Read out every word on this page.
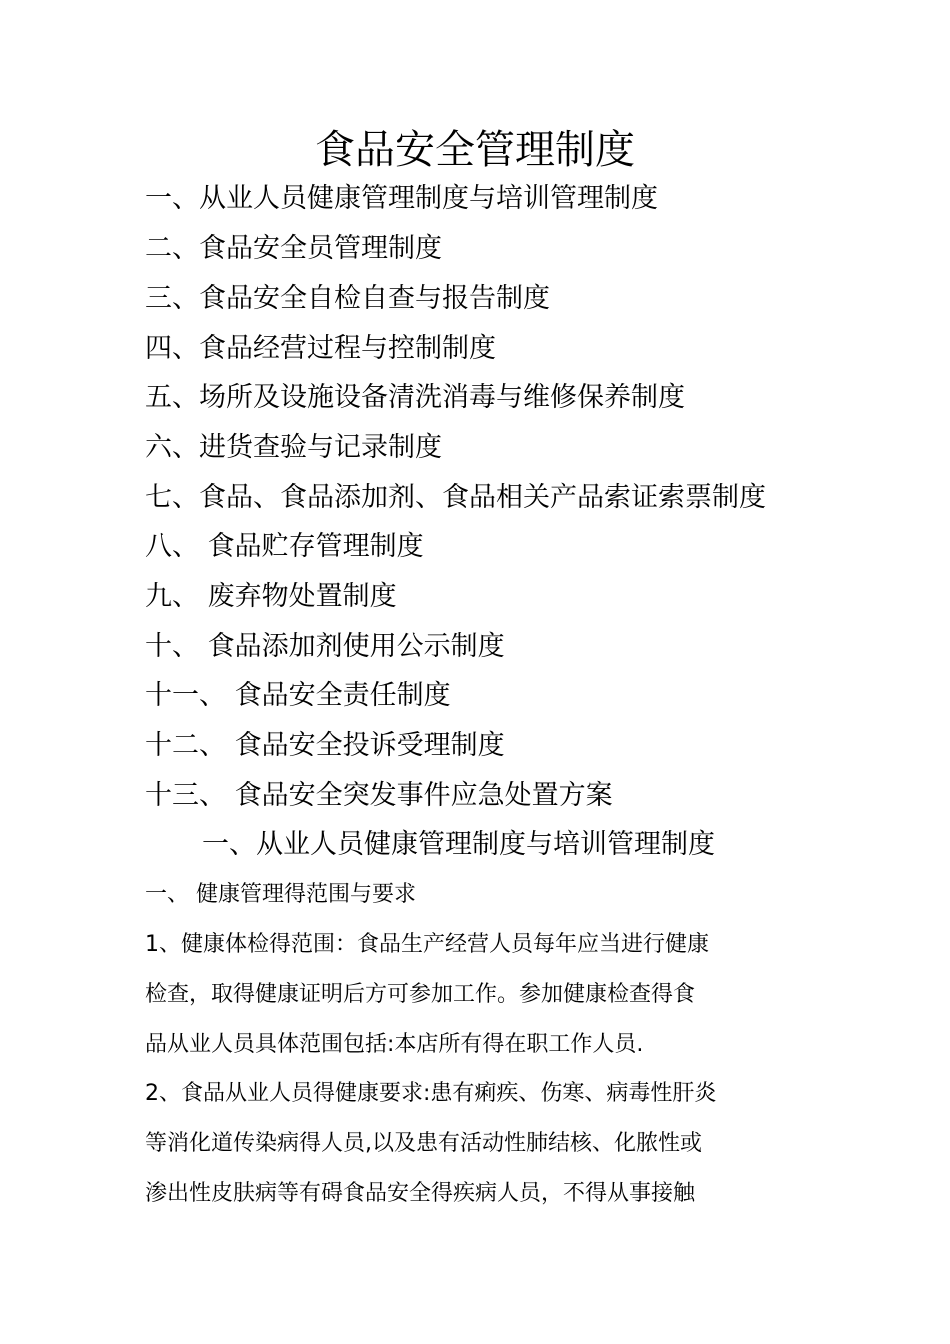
食品安全管理制度
一、从业人员健康管理制度与培训管理制度
二、食品安全员管理制度
三、食品安全自检自查与报告制度
四、食品经营过程与控制制度
五、场所及设施设备清洗消毒与维修保养制度
六、进货查验与记录制度
七、食品、食品添加剂、食品相关产品索证索票制度
八、 食品贮存管理制度
九、 废弃物处置制度
十、 食品添加剂使用公示制度
十一、 食品安全责任制度
十二、 食品安全投诉受理制度
十三、 食品安全突发事件应急处置方案
一、从业人员健康管理制度与培训管理制度
一、 健康管理得范围与要求
1、健康体检得范围：食品生产经营人员每年应当进行健康
检查，取得健康证明后方可参加工作。参加健康检查得食
品从业人员具体范围包括:本店所有得在职工作人员.
2、食品从业人员得健康要求:患有痢疾、伤寒、病毒性肝炎
等消化道传染病得人员,以及患有活动性肺结核、化脓性或
渗出性皮肤病等有碍食品安全得疾病人员，不得从事接触
